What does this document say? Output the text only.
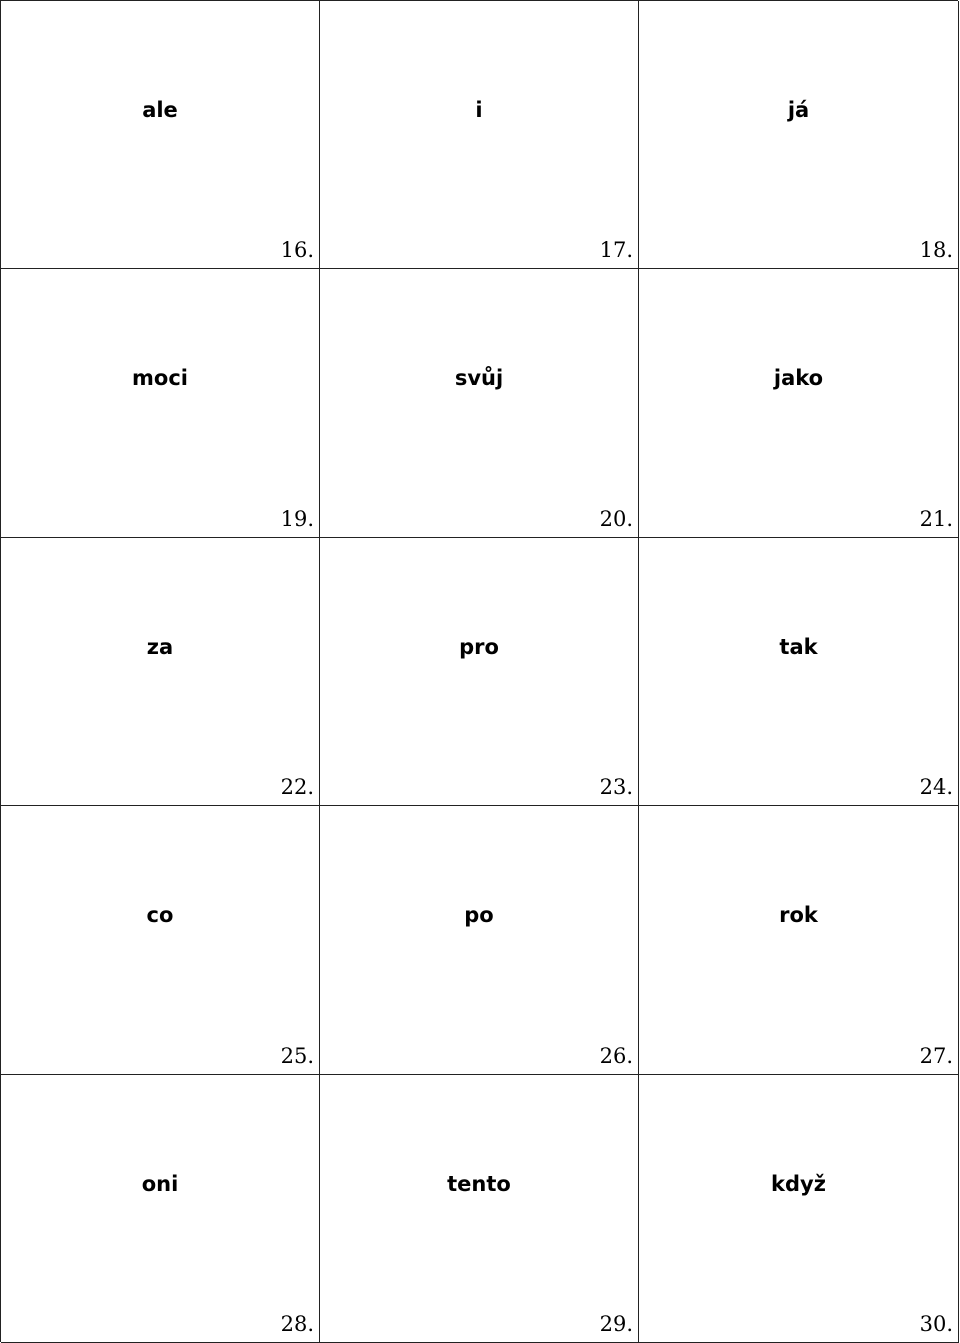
ale
16.
i
17.
já
18.
moci
19.
svůj
20.
jako
21.
za
22.
pro
23.
tak
24.
co
25.
po
26.
rok
27.
oni
28.
tento
29.
když
30.
